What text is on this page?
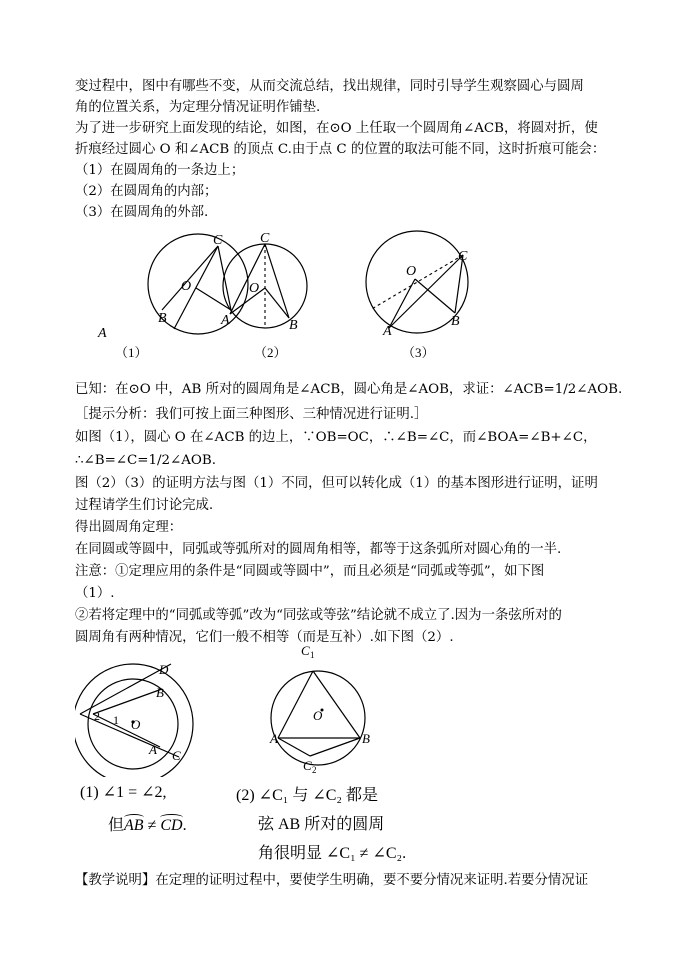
变过程中，图中有哪些不变，从而交流总结，找出规律，同时引导学生观察圆心与圆周
角的位置关系，为定理分情况证明作铺垫.
为了进一步研究上面发现的结论，如图，在⊙O 上任取一个圆周角∠ACB，将圆对折，使
折痕经过圆心 O 和∠ACB 的顶点 C.由于点 C 的位置的取法可能不同，这时折痕可能会：
（1）在圆周角的一条边上；
（2）在圆周角的内部；
（3）在圆周角的外部.
C
O
A
B
C
O
A	B
C
O
A
B
（1）	（2）	（3）
已知：在⊙O 中，AB 所对的圆周角是∠ACB，圆心角是∠AOB，求证：∠ACB=1/2∠AOB.
［提示分析：我们可按上面三种图形、三种情况进行证明.］
如图（1），圆心 O 在∠ACB 的边上，∵OB=OC，∴∠B=∠C，而∠BOA=∠B+∠C，
∴∠B=∠C=1/2∠AOB.
图（2）（3）的证明方法与图（1）不同，但可以转化成（1）的基本图形进行证明，证明
过程请学生们讨论完成.
得出圆周角定理：
在同圆或等圆中，同弧或等弧所对的圆周角相等，都等于这条弧所对圆心角的一半.
注意：①定理应用的条件是“同圆或等圆中”，而且必须是“同弧或等弧”，如下图
（1）.
②若将定理中的“同弧或等弧”改为“同弦或等弦”结论就不成立了.因为一条弦所对的
圆周角有两种情况，它们一般不相等（而是互补）.如下图（2）.
D
B
A C
O
1
2
C 1
O
A	B
C 2
(1) ∠1 = ∠2,
但AB ≠ CD.
(2) ∠C₁ 与 ∠C₂ 都是
弦 AB 所对的圆周
角很明显 ∠C₁ ≠ ∠C₂.
【教学说明】在定理的证明过程中，要使学生明确，要不要分情况来证明.若要分情况证
